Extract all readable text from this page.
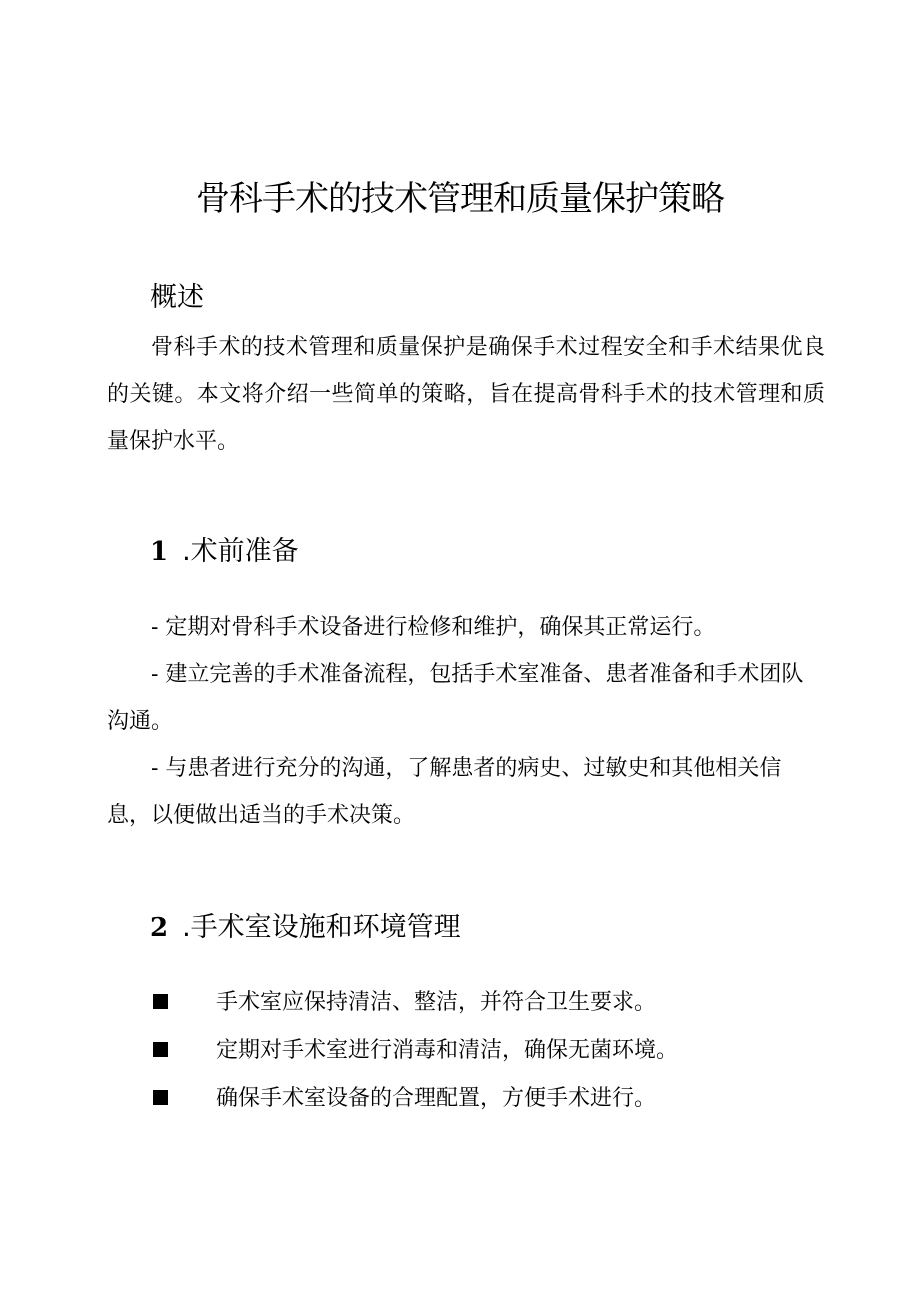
骨科手术的技术管理和质量保护策略
概述

骨科手术的技术管理和质量保护是确保手术过程安全和手术结果优良的关键。本文将介绍一些简单的策略，旨在提高骨科手术的技术管理和质量保护水平。

1 .术前准备

- 定期对骨科手术设备进行检修和维护，确保其正常运行。

- 建立完善的手术准备流程，包括手术室准备、患者准备和手术团队沟通。

- 与患者进行充分的沟通，了解患者的病史、过敏史和其他相关信息，以便做出适当的手术决策。

2 .手术室设施和环境管理

手术室应保持清洁、整洁，并符合卫生要求。

定期对手术室进行消毒和清洁，确保无菌环境。

确保手术室设备的合理配置，方便手术进行。
